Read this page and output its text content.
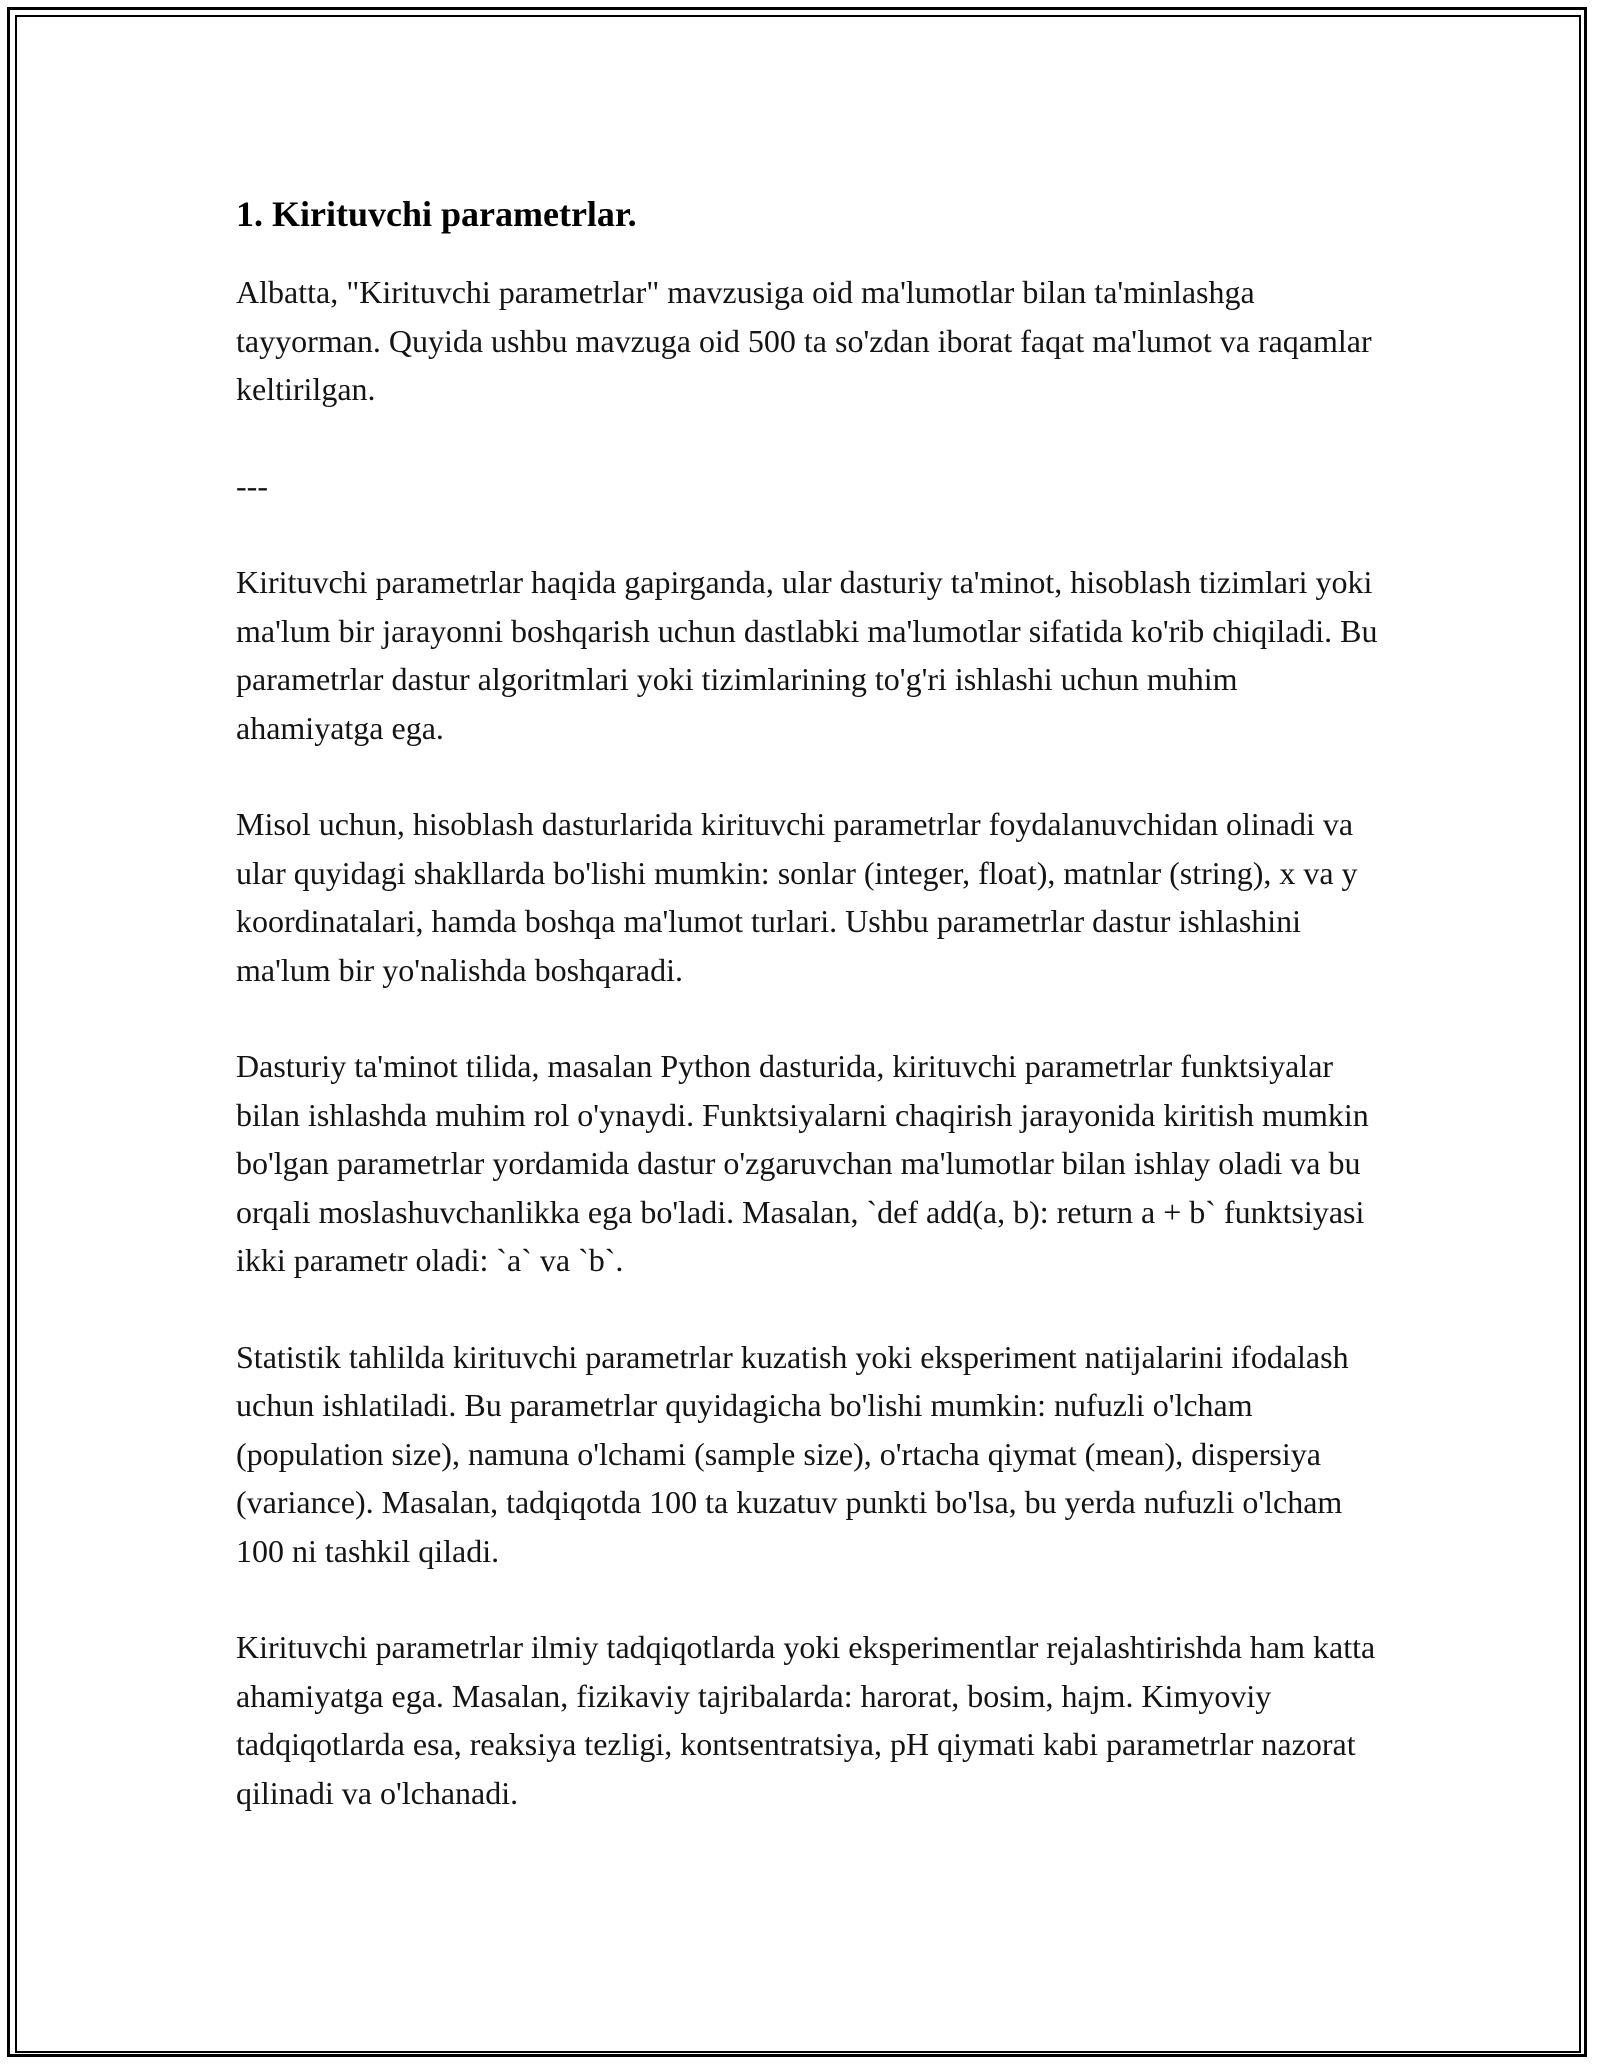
1. Kirituvchi parametrlar.

Albatta, "Kirituvchi parametrlar" mavzusiga oid ma'lumotlar bilan ta'minlashga tayyorman. Quyida ushbu mavzuga oid 500 ta so'zdan iborat faqat ma'lumot va raqamlar keltirilgan.

---

Kirituvchi parametrlar haqida gapirganda, ular dasturiy ta'minot, hisoblash tizimlari yoki ma'lum bir jarayonni boshqarish uchun dastlabki ma'lumotlar sifatida ko'rib chiqiladi. Bu parametrlar dastur algoritmlari yoki tizimlarining to'g'ri ishlashi uchun muhim ahamiyatga ega.

Misol uchun, hisoblash dasturlarida kirituvchi parametrlar foydalanuvchidan olinadi va ular quyidagi shakllarda bo'lishi mumkin: sonlar (integer, float), matnlar (string), x va y koordinatalari, hamda boshqa ma'lumot turlari. Ushbu parametrlar dastur ishlashini ma'lum bir yo'nalishda boshqaradi.

Dasturiy ta'minot tilida, masalan Python dasturida, kirituvchi parametrlar funktsiyalar bilan ishlashda muhim rol o'ynaydi. Funktsiyalarni chaqirish jarayonida kiritish mumkin bo'lgan parametrlar yordamida dastur o'zgaruvchan ma'lumotlar bilan ishlay oladi va bu orqali moslashuvchanlikka ega bo'ladi. Masalan, `def add(a, b): return a + b` funktsiyasi ikki parametr oladi: `a` va `b`.

Statistik tahlilda kirituvchi parametrlar kuzatish yoki eksperiment natijalarini ifodalash uchun ishlatiladi. Bu parametrlar quyidagicha bo'lishi mumkin: nufuzli o'lcham (population size), namuna o'lchami (sample size), o'rtacha qiymat (mean), dispersiya (variance). Masalan, tadqiqotda 100 ta kuzatuv punkti bo'lsa, bu yerda nufuzli o'lcham 100 ni tashkil qiladi.

Kirituvchi parametrlar ilmiy tadqiqotlarda yoki eksperimentlar rejalashtirishda ham katta ahamiyatga ega. Masalan, fizikaviy tajribalarda: harorat, bosim, hajm. Kimyoviy tadqiqotlarda esa, reaksiya tezligi, kontsentratsiya, pH qiymati kabi parametrlar nazorat qilinadi va o'lchanadi.
